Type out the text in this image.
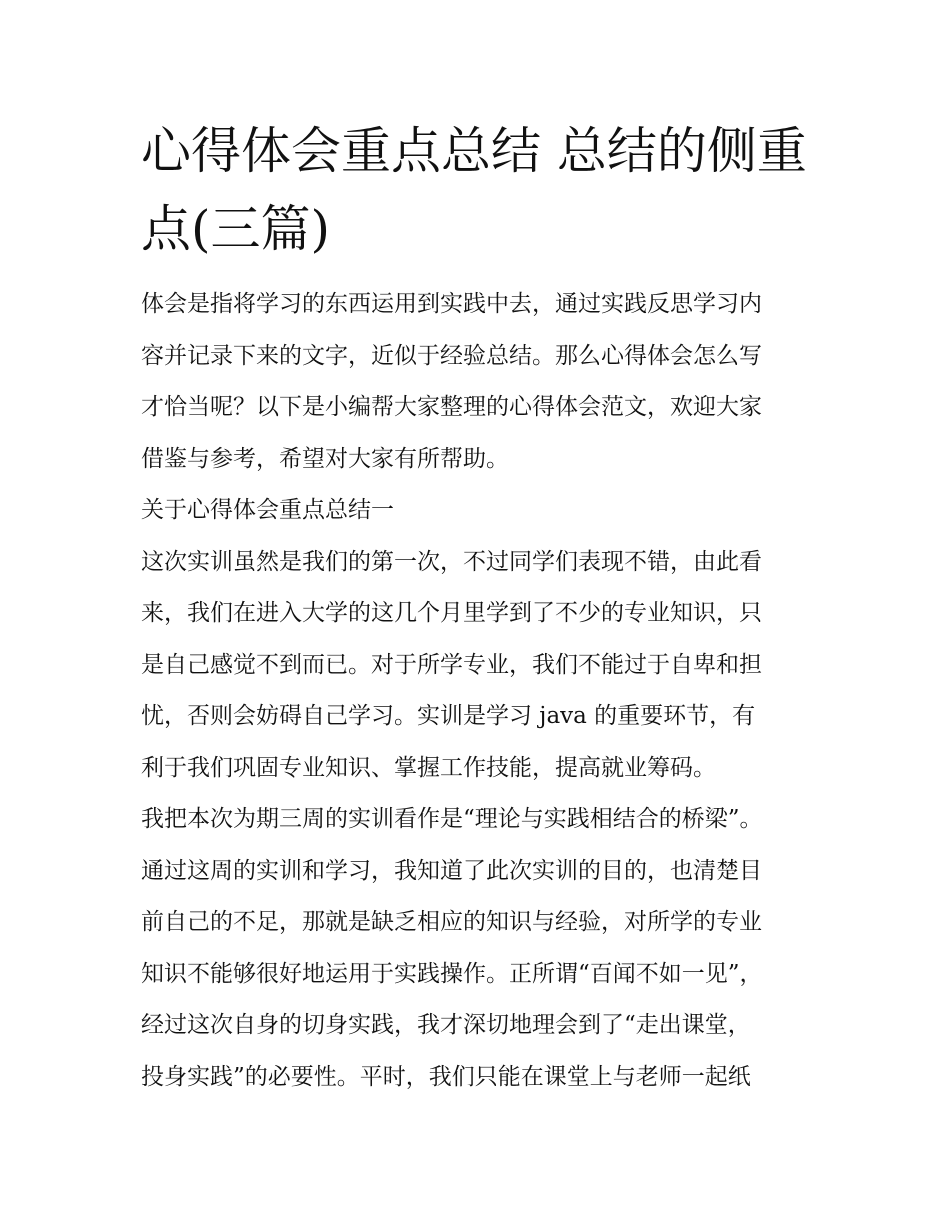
心得体会重点总结 总结的侧重
点(三篇)
体会是指将学习的东西运用到实践中去，通过实践反思学习内
容并记录下来的文字，近似于经验总结。那么心得体会怎么写
才恰当呢？以下是小编帮大家整理的心得体会范文，欢迎大家
借鉴与参考，希望对大家有所帮助。
关于心得体会重点总结一
这次实训虽然是我们的第一次，不过同学们表现不错，由此看
来，我们在进入大学的这几个月里学到了不少的专业知识，只
是自己感觉不到而已。对于所学专业，我们不能过于自卑和担
忧，否则会妨碍自己学习。实训是学习 java 的重要环节，有
利于我们巩固专业知识、掌握工作技能，提高就业筹码。
我把本次为期三周的实训看作是“理论与实践相结合的桥梁”。
通过这周的实训和学习，我知道了此次实训的目的，也清楚目
前自己的不足，那就是缺乏相应的知识与经验，对所学的专业
知识不能够很好地运用于实践操作。正所谓“百闻不如一见”，
经过这次自身的切身实践，我才深切地理会到了“走出课堂，
投身实践”的必要性。平时，我们只能在课堂上与老师一起纸
